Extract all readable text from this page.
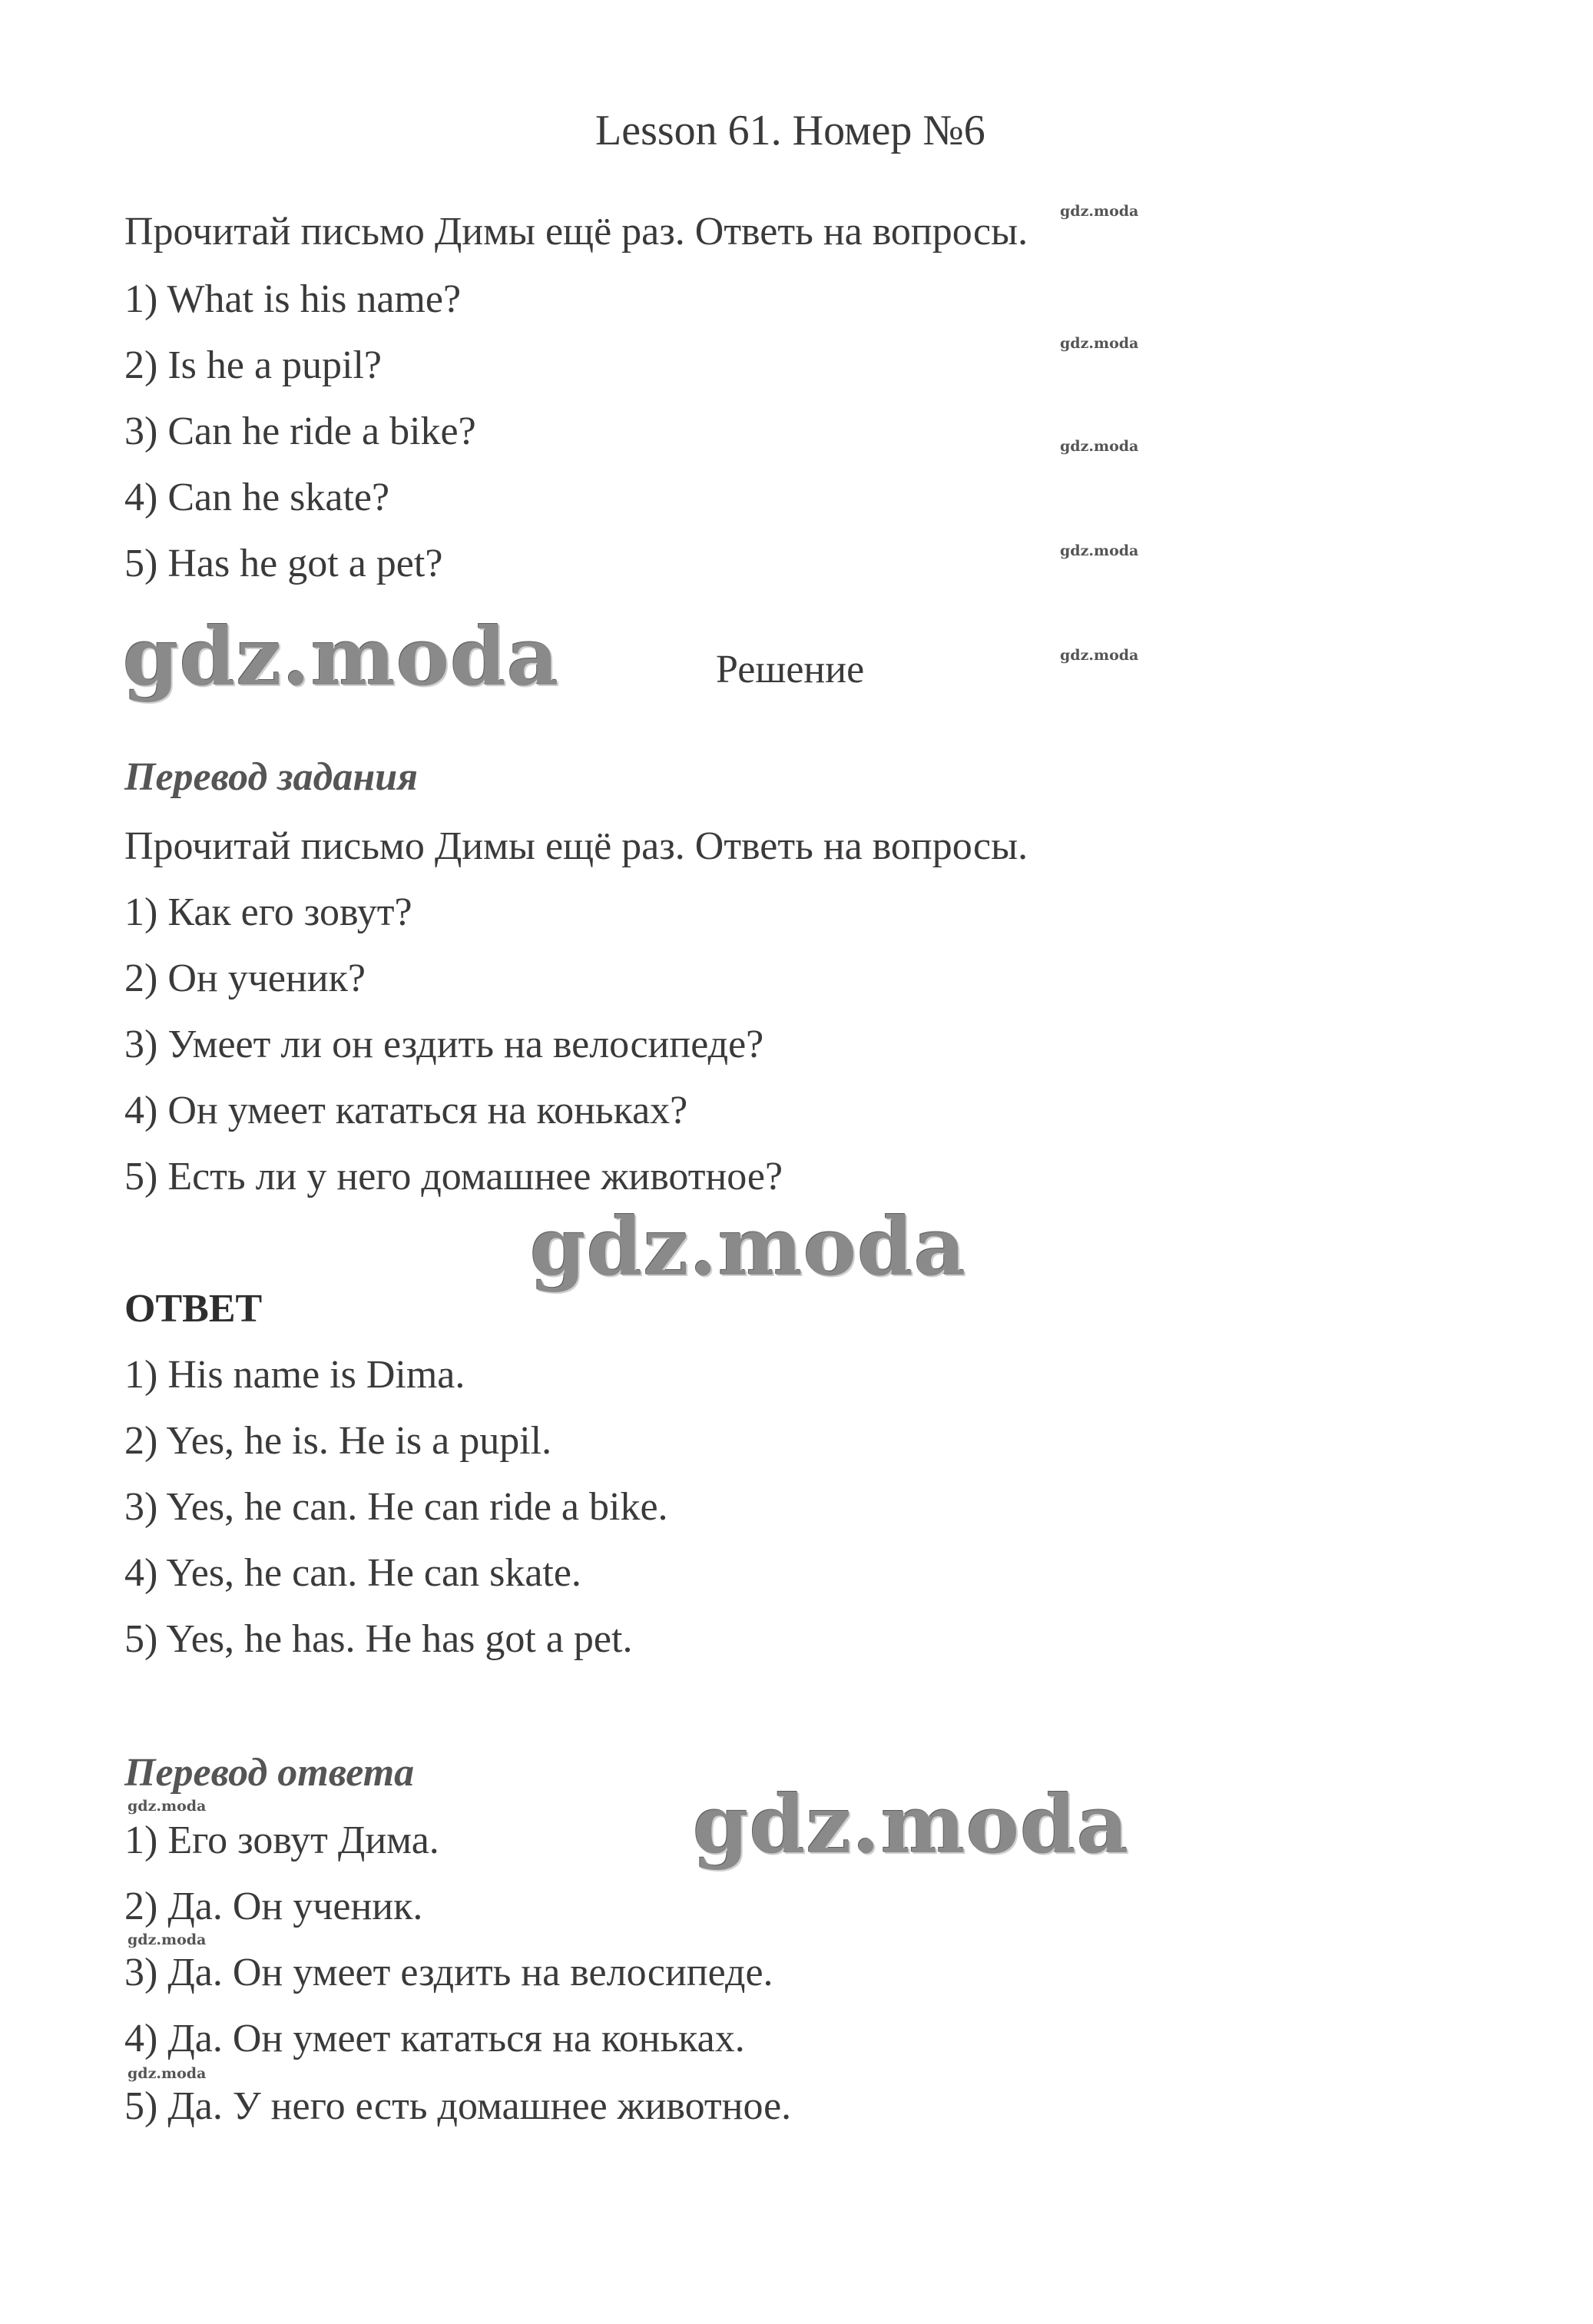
Lesson 61. Номер №6
Прочитай письмо Димы ещё раз. Ответь на вопросы.
1) What is his name?
2) Is he a pupil?
3) Can he ride a bike?
4) Can he skate?
5) Has he got a pet?
Решение
Перевод задания
Прочитай письмо Димы ещё раз. Ответь на вопросы.
1) Как его зовут?
2) Он ученик?
3) Умеет ли он ездить на велосипеде?
4) Он умеет кататься на коньках?
5) Есть ли у него домашнее животное?
ОТВЕТ
1) His name is Dima.
2) Yes, he is. He is a pupil.
3) Yes, he can. He can ride a bike.
4) Yes, he can. He can skate.
5) Yes, he has. He has got a pet.
Перевод ответа
1) Его зовут Дима.
2) Да. Он ученик.
3) Да. Он умеет ездить на велосипеде.
4) Да. Он умеет кататься на коньках.
5) Да. У него есть домашнее животное.
gdz.moda
gdz.moda
gdz.moda
gdz.moda
gdz.moda
gdz.moda
gdz.moda
gdz.moda
gdz.moda
gdz.moda
gdz.moda
